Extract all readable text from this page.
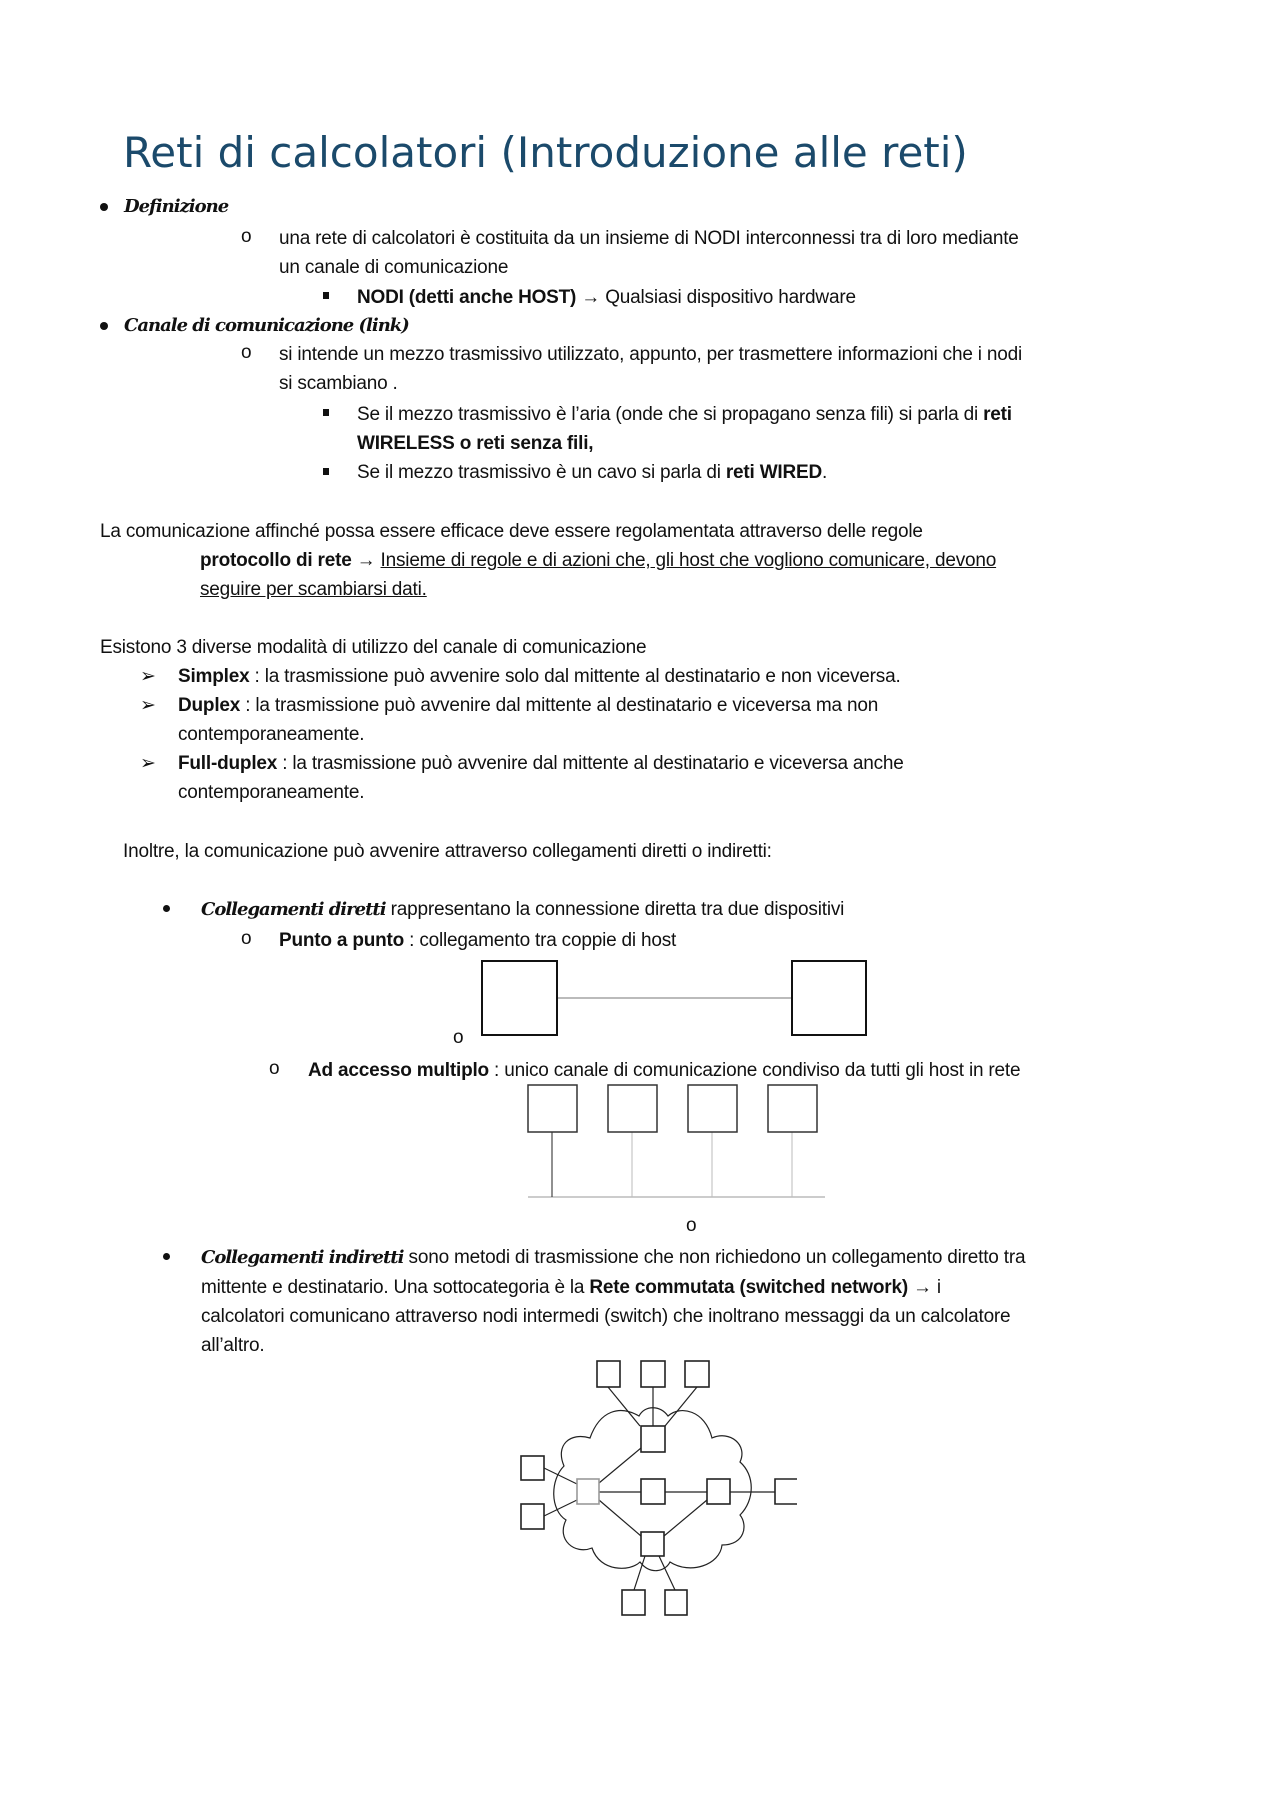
Reti di calcolatori (Introduzione alle reti)
Definizione
o una rete di calcolatori è costituita da un insieme di NODI interconnessi tra di loro mediante
un canale di comunicazione
NODI (detti anche HOST) → Qualsiasi dispositivo hardware
Canale di comunicazione (link)
o si intende un mezzo trasmissivo utilizzato, appunto, per trasmettere informazioni che i nodi
si scambiano .
Se il mezzo trasmissivo è l’aria (onde che si propagano senza fili) si parla di reti
WIRELESS o reti senza fili,
Se il mezzo trasmissivo è un cavo si parla di reti WIRED.
La comunicazione affinché possa essere efficace deve essere regolamentata attraverso delle regole
protocollo di rete → Insieme di regole e di azioni che, gli host che vogliono comunicare, devono
seguire per scambiarsi dati.
Esistono 3 diverse modalità di utilizzo del canale di comunicazione
➢ Simplex : la trasmissione può avvenire solo dal mittente al destinatario e non viceversa.
➢ Duplex : la trasmissione può avvenire dal mittente al destinatario e viceversa ma non
contemporaneamente.
➢ Full-duplex : la trasmissione può avvenire dal mittente al destinatario e viceversa anche
contemporaneamente.
Inoltre, la comunicazione può avvenire attraverso collegamenti diretti o indiretti:
Collegamenti diretti rappresentano la connessione diretta tra due dispositivi
o Punto a punto : collegamento tra coppie di host
o
o Ad accesso multiplo : unico canale di comunicazione condiviso da tutti gli host in rete
o
Collegamenti indiretti sono metodi di trasmissione che non richiedono un collegamento diretto tra
mittente e destinatario. Una sottocategoria è la Rete commutata (switched network) → i
calcolatori comunicano attraverso nodi intermedi (switch) che inoltrano messaggi da un calcolatore
all’altro.
